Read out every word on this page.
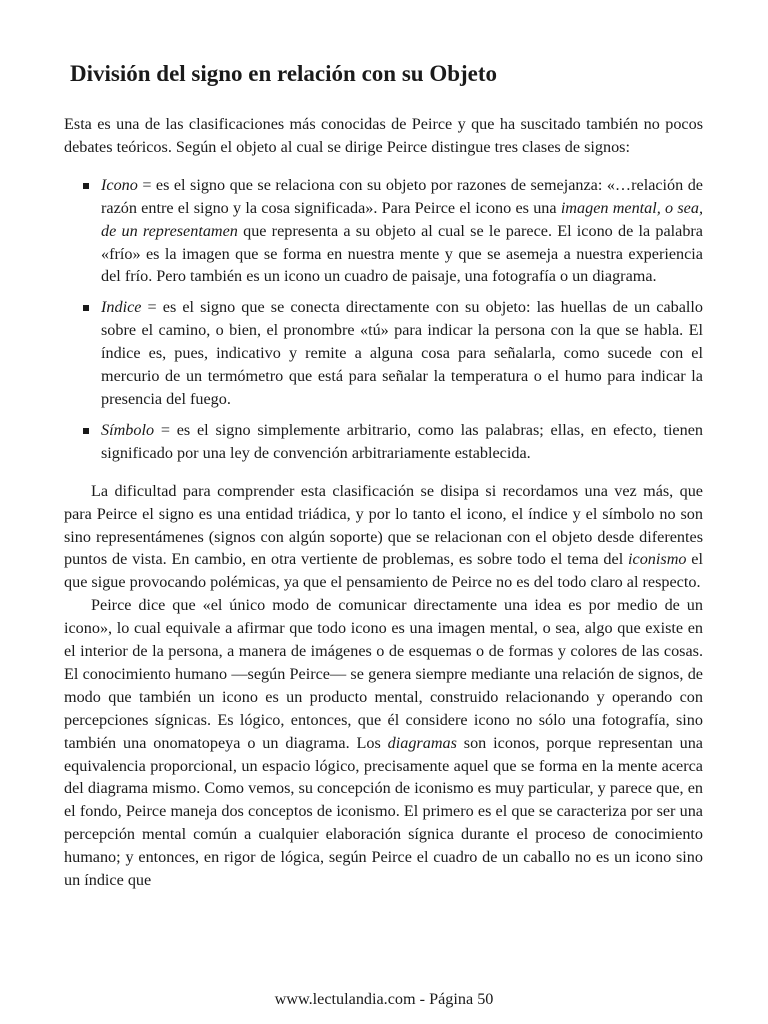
División del signo en relación con su Objeto

Esta es una de las clasificaciones más conocidas de Peirce y que ha suscitado también no pocos debates teóricos. Según el objeto al cual se dirige Peirce distingue tres clases de signos:

Icono = es el signo que se relaciona con su objeto por razones de semejanza: «…relación de razón entre el signo y la cosa significada». Para Peirce el icono es una imagen mental, o sea, de un representamen que representa a su objeto al cual se le parece. El icono de la palabra «frío» es la imagen que se forma en nuestra mente y que se asemeja a nuestra experiencia del frío. Pero también es un icono un cuadro de paisaje, una fotografía o un diagrama.
Indice = es el signo que se conecta directamente con su objeto: las huellas de un caballo sobre el camino, o bien, el pronombre «tú» para indicar la persona con la que se habla. El índice es, pues, indicativo y remite a alguna cosa para señalarla, como sucede con el mercurio de un termómetro que está para señalar la temperatura o el humo para indicar la presencia del fuego.
Símbolo = es el signo simplemente arbitrario, como las palabras; ellas, en efecto, tienen significado por una ley de convención arbitrariamente establecida.

La dificultad para comprender esta clasificación se disipa si recordamos una vez más, que para Peirce el signo es una entidad triádica, y por lo tanto el icono, el índice y el símbolo no son sino representámenes (signos con algún soporte) que se relacionan con el objeto desde diferentes puntos de vista. En cambio, en otra vertiente de problemas, es sobre todo el tema del iconismo el que sigue provocando polémicas, ya que el pensamiento de Peirce no es del todo claro al respecto.

Peirce dice que «el único modo de comunicar directamente una idea es por medio de un icono», lo cual equivale a afirmar que todo icono es una imagen mental, o sea, algo que existe en el interior de la persona, a manera de imágenes o de esquemas o de formas y colores de las cosas. El conocimiento humano —según Peirce— se genera siempre mediante una relación de signos, de modo que también un icono es un producto mental, construido relacionando y operando con percepciones sígnicas. Es lógico, entonces, que él considere icono no sólo una fotografía, sino también una onomatopeya o un diagrama. Los diagramas son iconos, porque representan una equivalencia proporcional, un espacio lógico, precisamente aquel que se forma en la mente acerca del diagrama mismo. Como vemos, su concepción de iconismo es muy particular, y parece que, en el fondo, Peirce maneja dos conceptos de iconismo. El primero es el que se caracteriza por ser una percepción mental común a cualquier elaboración sígnica durante el proceso de conocimiento humano; y entonces, en rigor de lógica, según Peirce el cuadro de un caballo no es un icono sino un índice que

www.lectulandia.com - Página 50
